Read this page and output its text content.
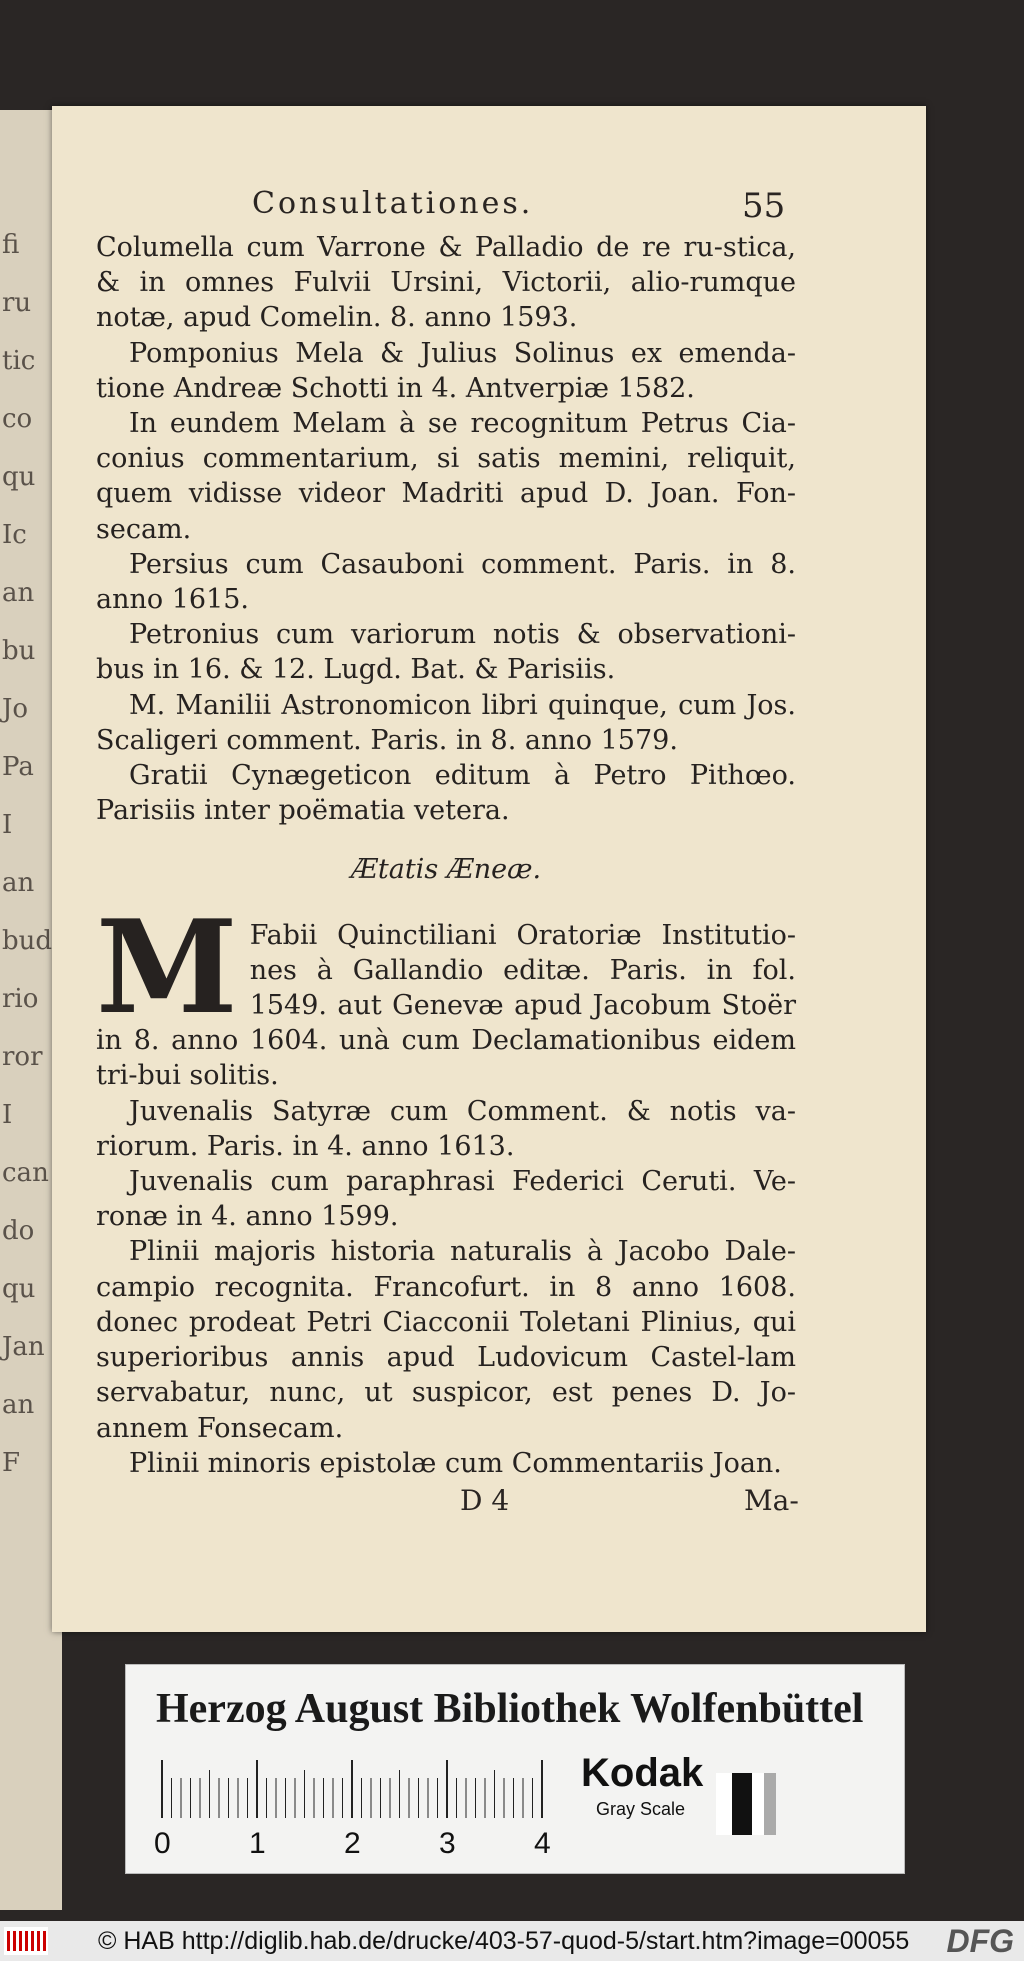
fi
ru
tic
co
qu
Ic
an
bu
Jo
Pa
I
an
bud
rio
ror
I
can
do
qu
Jan
an
F
Consultationes.	55

Columella cum Varrone & Palladio de re ru-stica, & in omnes Fulvii Ursini, Victorii, alio-rumque notæ, apud Comelin. 8. anno 1593.

Pomponius Mela & Julius Solinus ex emenda-tione Andreæ Schotti in 4. Antverpiæ 1582.

In eundem Melam à se recognitum Petrus Cia-conius commentarium, si satis memini, reliquit, quem vidisse videor Madriti apud D. Joan. Fon-secam.

Persius cum Casauboni comment. Paris. in 8. anno 1615.

Petronius cum variorum notis & observationi-bus in 16. & 12. Lugd. Bat. & Parisiis.

M. Manilii Astronomicon libri quinque, cum Jos. Scaligeri comment. Paris. in 8. anno 1579.

Gratii Cynægeticon editum à Petro Pithœo. Parisiis inter poëmatia vetera.

Ætatis Æneæ.

M Fabii Quinctiliani Oratoriæ Institutio-nes à Gallandio editæ. Paris. in fol. 1549. aut Genevæ apud Jacobum Stoër in 8. anno 1604. unà cum Declamationibus eidem tri-bui solitis.

Juvenalis Satyræ cum Comment. & notis va-riorum. Paris. in 4. anno 1613.

Juvenalis cum paraphrasi Federici Ceruti. Ve-ronæ in 4. anno 1599.

Plinii majoris historia naturalis à Jacobo Dale-campio recognita. Francofurt. in 8 anno 1608. donec prodeat Petri Ciacconii Toletani Plinius, qui superioribus annis apud Ludovicum Castel-lam servabatur, nunc, ut suspicor, est penes D. Jo-annem Fonsecam.

Plinii minoris epistolæ cum Commentariis Joan.

D 4	Ma-
Herzog August Bibliothek Wolfenbüttel
0	1	2	3	4
Kodak
Gray Scale
© HAB http://diglib.hab.de/drucke/403-57-quod-5/start.htm?image=00055 DFG
